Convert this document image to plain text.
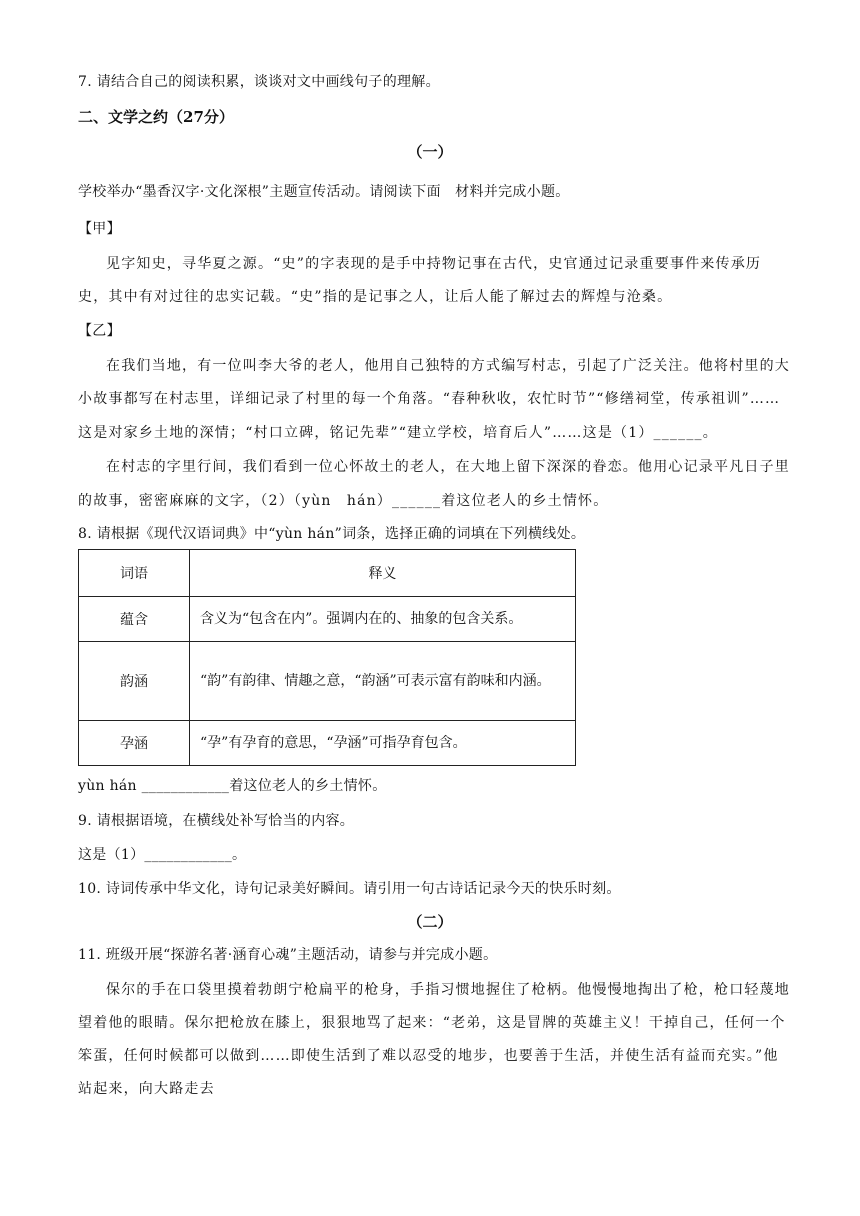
7. 请结合自己的阅读积累，谈谈对文中画线句子的理解。
二、文学之约（27分）
（一）
学校举办“墨香汉字·文化深根”主题宣传活动。请阅读下面　材料并完成小题。
【甲】
见字知史，寻华夏之源。“史”的字表现的是手中持物记事在古代，史官通过记录重要事件来传承历
史，其中有对过往的忠实记载。“史”指的是记事之人，让后人能了解过去的辉煌与沧桑。
【乙】
在我们当地，有一位叫李大爷的老人，他用自己独特的方式编写村志，引起了广泛关注。他将村里的大
小故事都写在村志里，详细记录了村里的每一个角落。“春种秋收，农忙时节”“修缮祠堂，传承祖训”……
这是对家乡土地的深情；“村口立碑，铭记先辈”“建立学校，培育后人”……这是（1）______。
在村志的字里行间，我们看到一位心怀故土的老人，在大地上留下深深的眷恋。他用心记录平凡日子里
的故事，密密麻麻的文字，（2）（yùn　hán）______着这位老人的乡土情怀。
8. 请根据《现代汉语词典》中“yùn hán”词条，选择正确的词填在下列横线处。
词语	释义
蕴含	含义为“包含在内”。强调内在的、抽象的包含关系。
韵涵	“韵”有韵律、情趣之意，“韵涵”可表示富有韵味和内涵。
孕涵	“孕”有孕育的意思，“孕涵”可指孕育包含。
yùn hán ____________着这位老人的乡土情怀。
9. 请根据语境，在横线处补写恰当的内容。
这是（1）____________。
10. 诗词传承中华文化，诗句记录美好瞬间。请引用一句古诗话记录今天的快乐时刻。
（二）
11. 班级开展“探游名著·涵育心魂”主题活动，请参与并完成小题。
保尔的手在口袋里摸着勃朗宁枪扁平的枪身，手指习惯地握住了枪柄。他慢慢地掏出了枪，枪口轻蔑地
望着他的眼睛。保尔把枪放在膝上，狠狠地骂了起来：“老弟，这是冒牌的英雄主义！干掉自己，任何一个
笨蛋，任何时候都可以做到……即使生活到了难以忍受的地步，也要善于生活，并使生活有益而充实。”他
站起来，向大路走去
